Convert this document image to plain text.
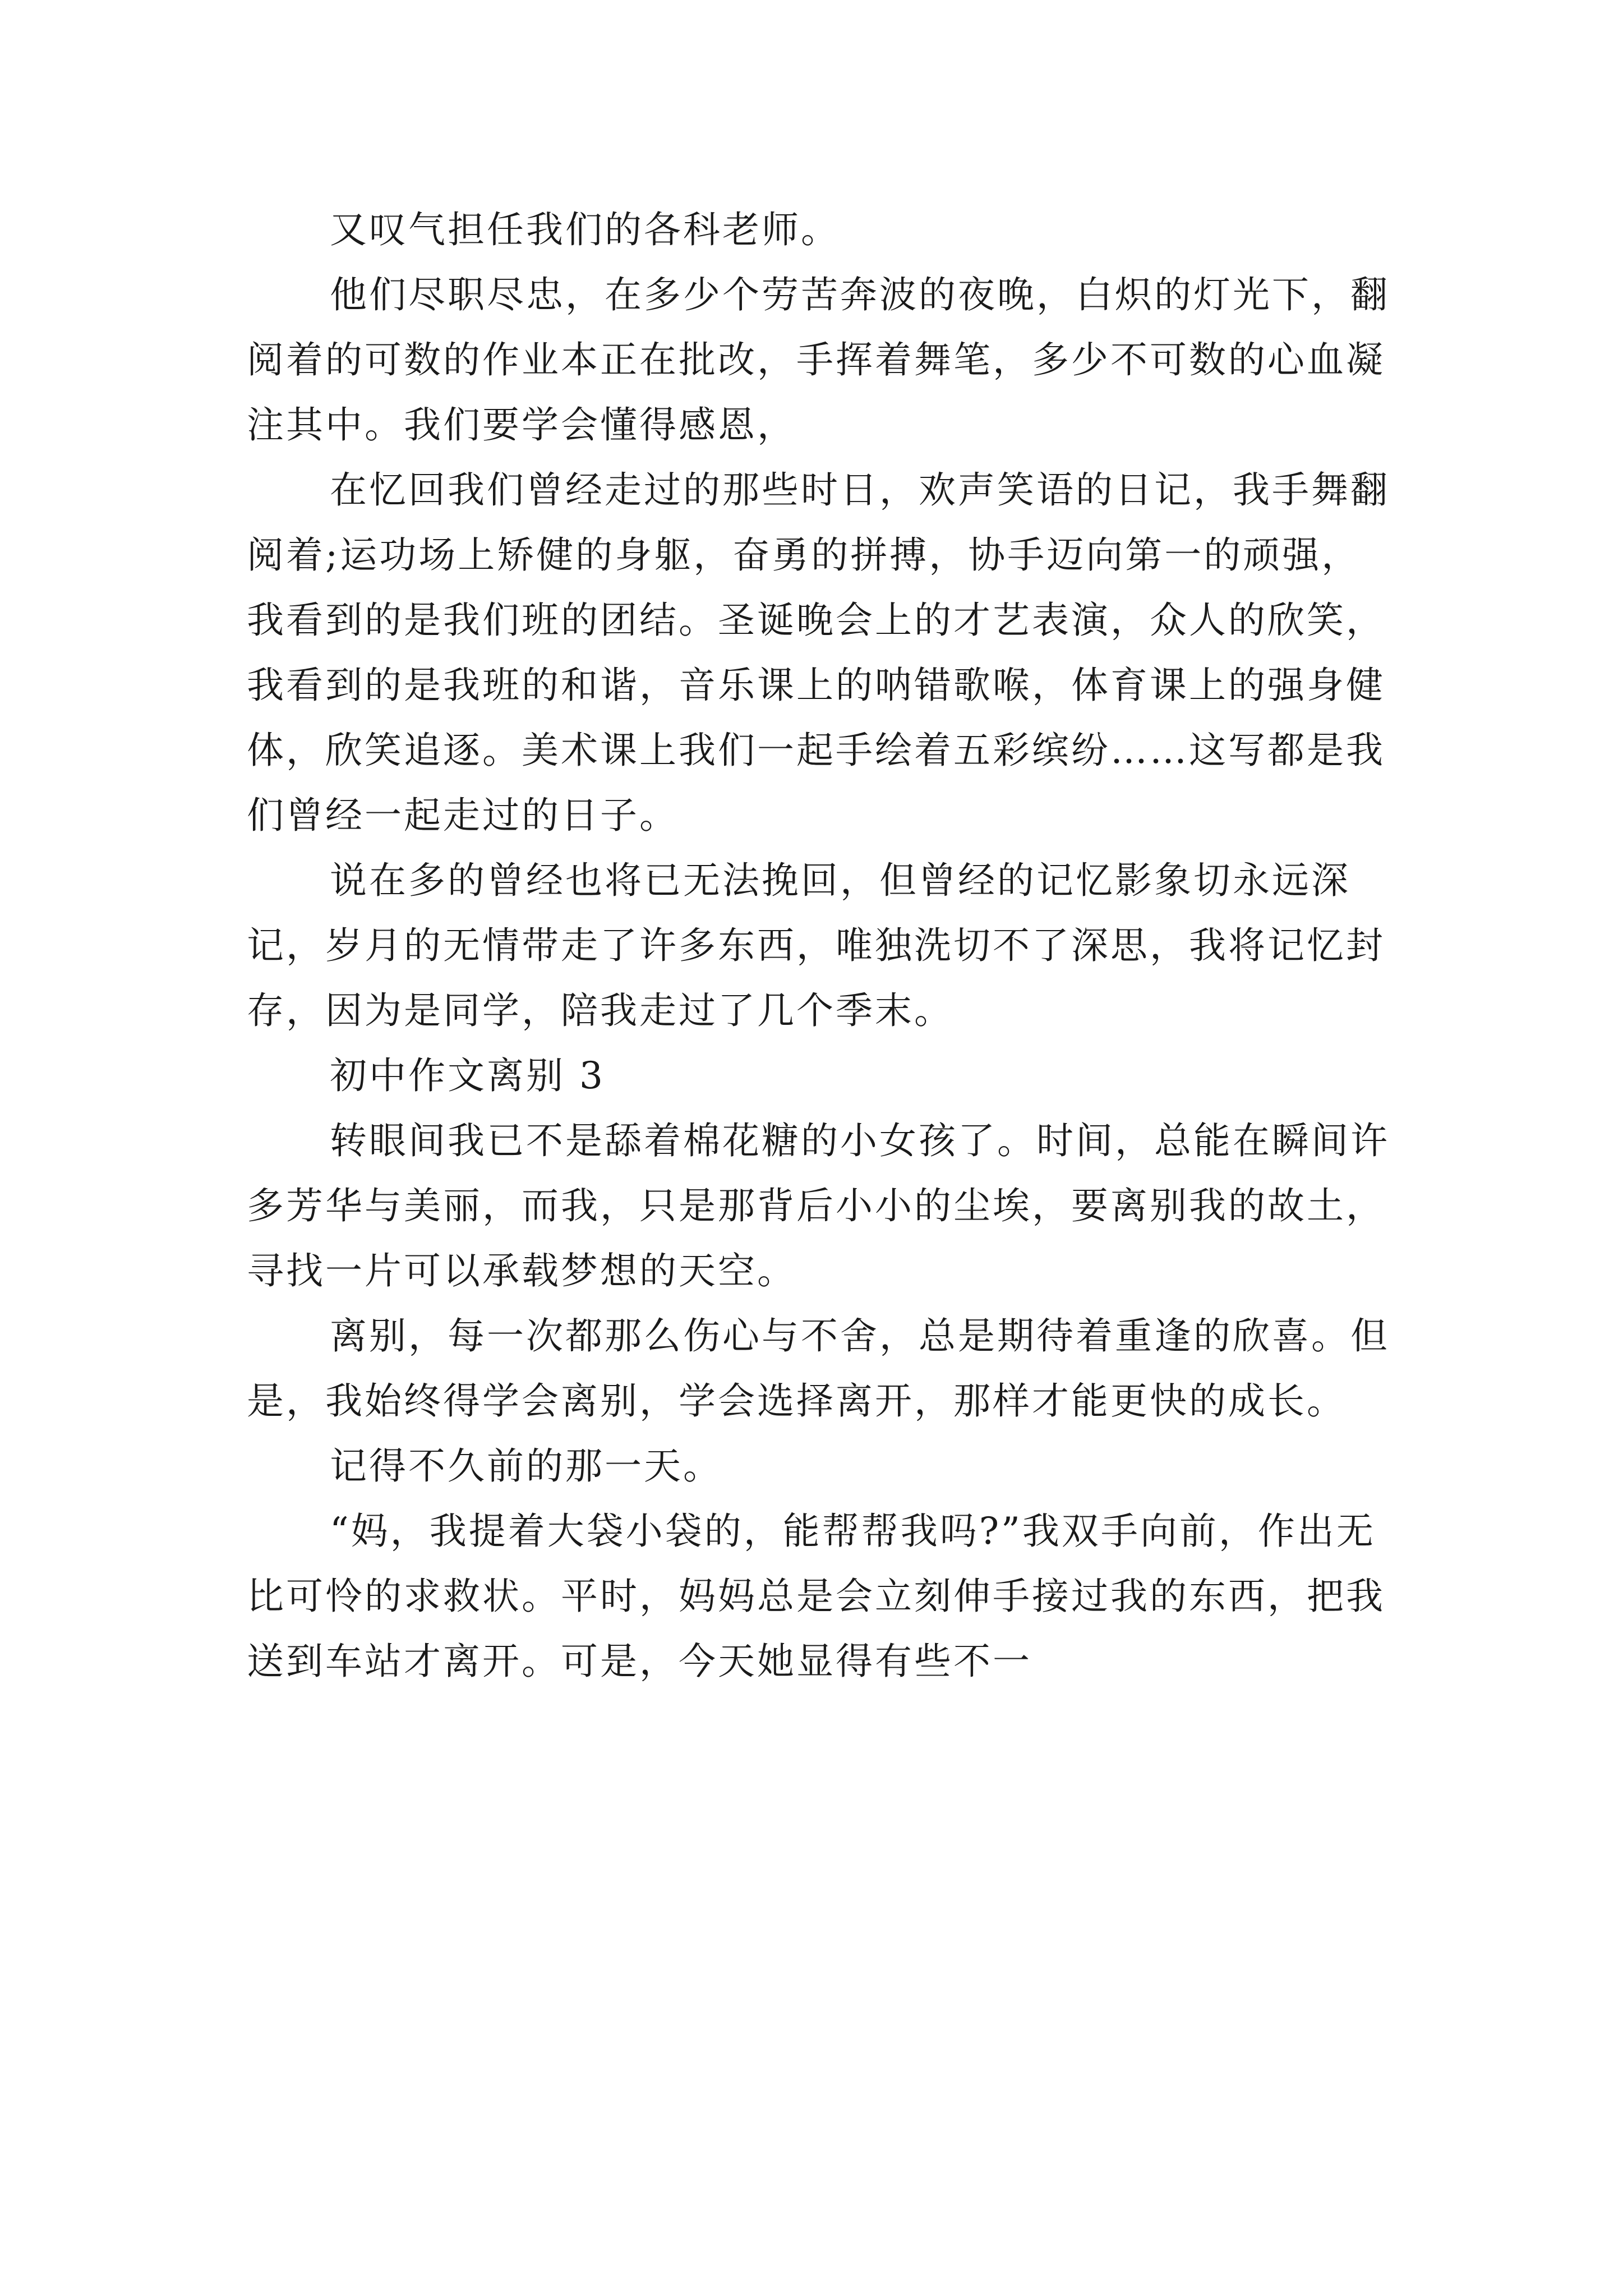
又叹气担任我们的各科老师。

他们尽职尽忠，在多少个劳苦奔波的夜晚，白炽的灯光下，翻阅着的可数的作业本正在批改，手挥着舞笔，多少不可数的心血凝注其中。我们要学会懂得感恩，

在忆回我们曾经走过的那些时日，欢声笑语的日记，我手舞翻阅着;运功场上矫健的身躯，奋勇的拼搏，协手迈向第一的顽强，我看到的是我们班的团结。圣诞晚会上的才艺表演，众人的欣笑，我看到的是我班的和谐，音乐课上的呐错歌喉，体育课上的强身健体，欣笑追逐。美术课上我们一起手绘着五彩缤纷……这写都是我们曾经一起走过的日子。

说在多的曾经也将已无法挽回，但曾经的记忆影象切永远深记，岁月的无情带走了许多东西，唯独洗切不了深思，我将记忆封存，因为是同学，陪我走过了几个季末。

初中作文离别 3

转眼间我已不是舔着棉花糖的小女孩了。时间，总能在瞬间许多芳华与美丽，而我，只是那背后小小的尘埃，要离别我的故土，寻找一片可以承载梦想的天空。

离别，每一次都那么伤心与不舍，总是期待着重逢的欣喜。但是，我始终得学会离别，学会选择离开，那样才能更快的成长。

记得不久前的那一天。

“妈，我提着大袋小袋的，能帮帮我吗?”我双手向前，作出无比可怜的求救状。平时，妈妈总是会立刻伸手接过我的东西，把我送到车站才离开。可是，今天她显得有些不一
